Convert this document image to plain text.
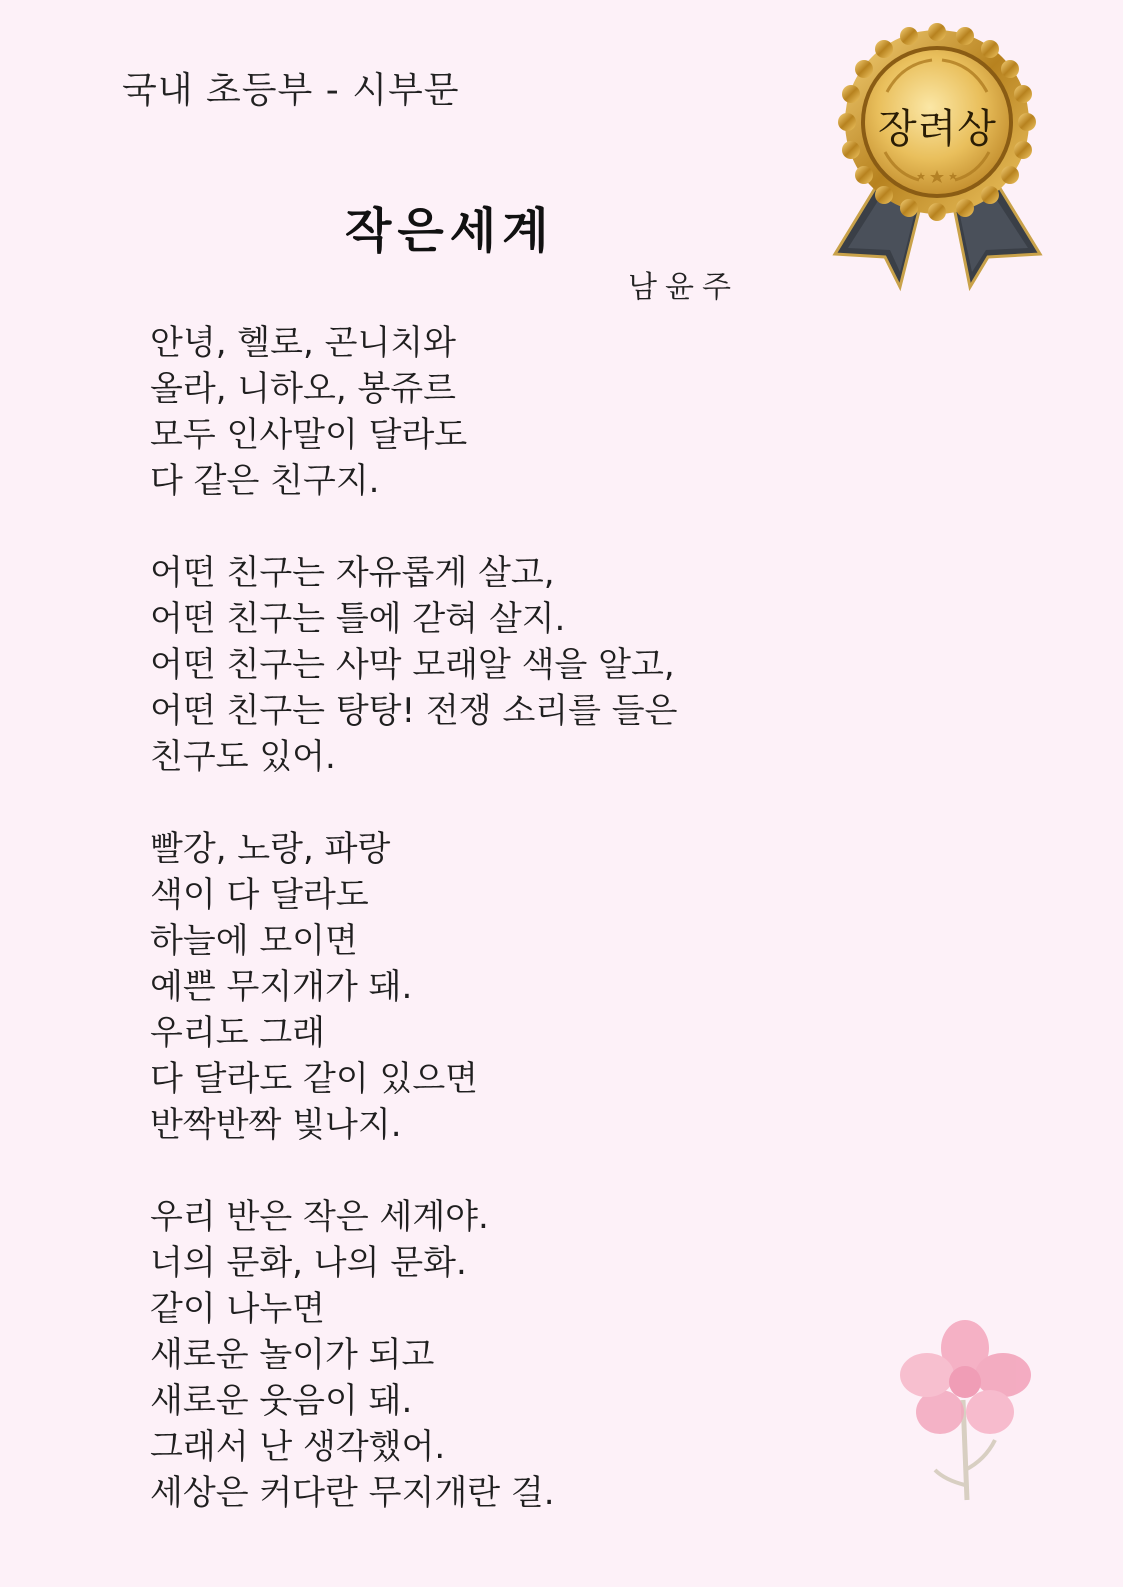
국내 초등부 - 시부문
작은세계
남윤주
장려상
안녕, 헬로, 곤니치와
올라, 니하오, 봉쥬르
모두 인사말이 달라도
다 같은 친구지.
어떤 친구는 자유롭게 살고,
어떤 친구는 틀에 갇혀 살지.
어떤 친구는 사막 모래알 색을 알고,
어떤 친구는 탕탕! 전쟁 소리를 들은
친구도 있어.
빨강, 노랑, 파랑
색이 다 달라도
하늘에 모이면
예쁜 무지개가 돼.
우리도 그래
다 달라도 같이 있으면
반짝반짝 빛나지.
우리 반은 작은 세계야.
너의 문화, 나의 문화.
같이 나누면
새로운 놀이가 되고
새로운 웃음이 돼.
그래서 난 생각했어.
세상은 커다란 무지개란 걸.
